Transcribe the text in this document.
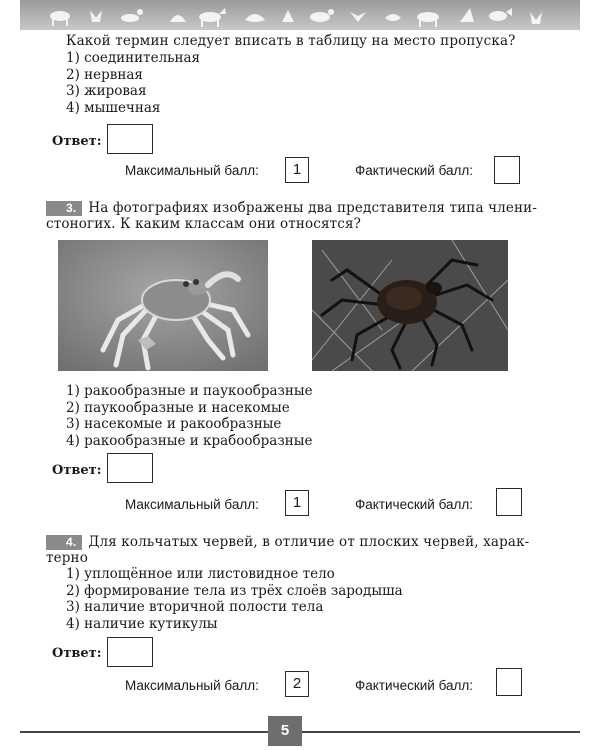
Какой термин следует вписать в таблицу на место пропуска?
1) соединительная
2) нервная
3) жировая
4) мышечная
Ответ:
Максимальный балл:	1	Фактический балл:
3. На фотографиях изображены два представителя типа члени-
стоногих. К каким классам они относятся?
1) ракообразные и паукообразные
2) паукообразные и насекомые
3) насекомые и ракообразные
4) ракообразные и крабообразные
Ответ:
Максимальный балл:	1	Фактический балл:
4. Для кольчатых червей, в отличие от плоских червей, харак-
терно
1) уплощённое или листовидное тело
2) формирование тела из трёх слоёв зародыша
3) наличие вторичной полости тела
4) наличие кутикулы
Ответ:
Максимальный балл:	2	Фактический балл:
5
